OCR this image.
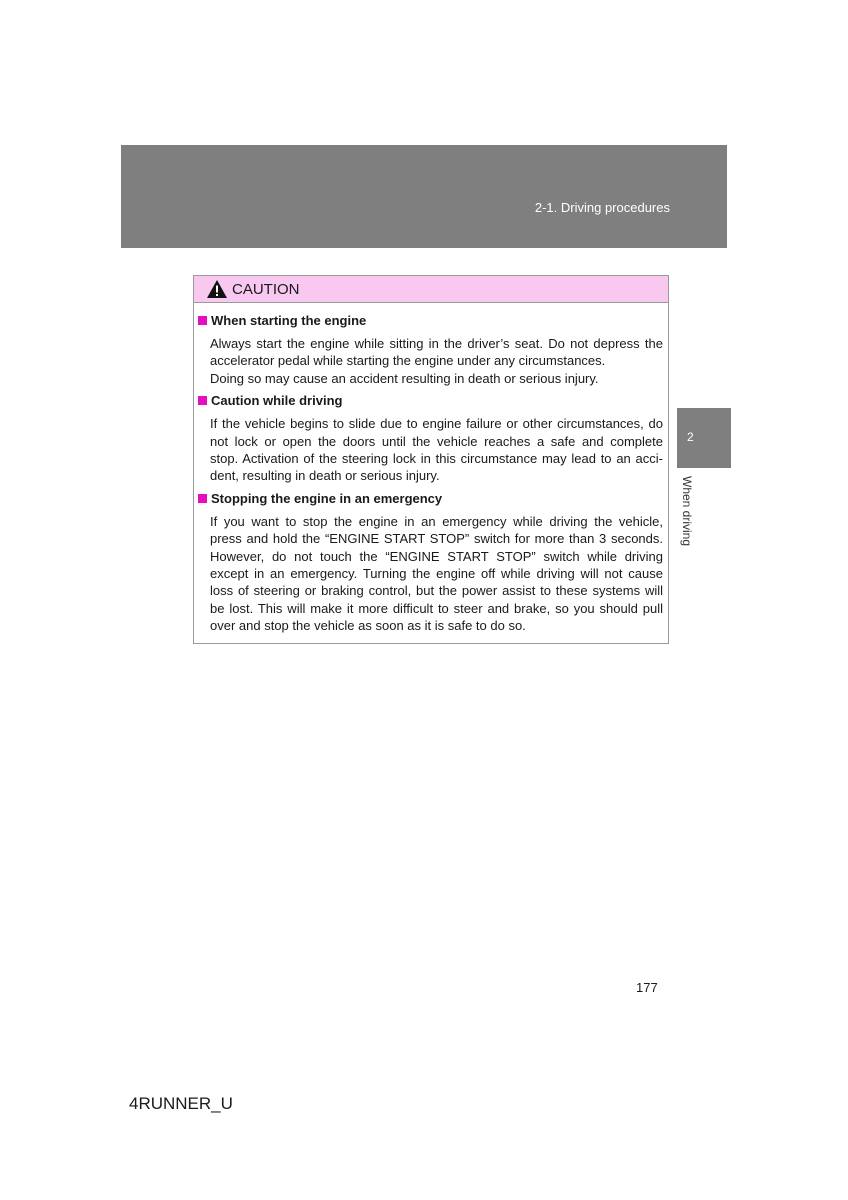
2-1. Driving procedures
2
When driving
CAUTION
When starting the engine
Always start the engine while sitting in the driver’s seat. Do not depress the
accelerator pedal while starting the engine under any circumstances.
Doing so may cause an accident resulting in death or serious injury.
Caution while driving
If the vehicle begins to slide due to engine failure or other circumstances, do
not lock or open the doors until the vehicle reaches a safe and complete
stop. Activation of the steering lock in this circumstance may lead to an acci-
dent, resulting in death or serious injury.
Stopping the engine in an emergency
If you want to stop the engine in an emergency while driving the vehicle,
press and hold the “ENGINE START STOP” switch for more than 3 seconds.
However, do not touch the “ENGINE START STOP” switch while driving
except in an emergency. Turning the engine off while driving will not cause
loss of steering or braking control, but the power assist to these systems will
be lost. This will make it more difficult to steer and brake, so you should pull
over and stop the vehicle as soon as it is safe to do so.
177
4RUNNER_U
